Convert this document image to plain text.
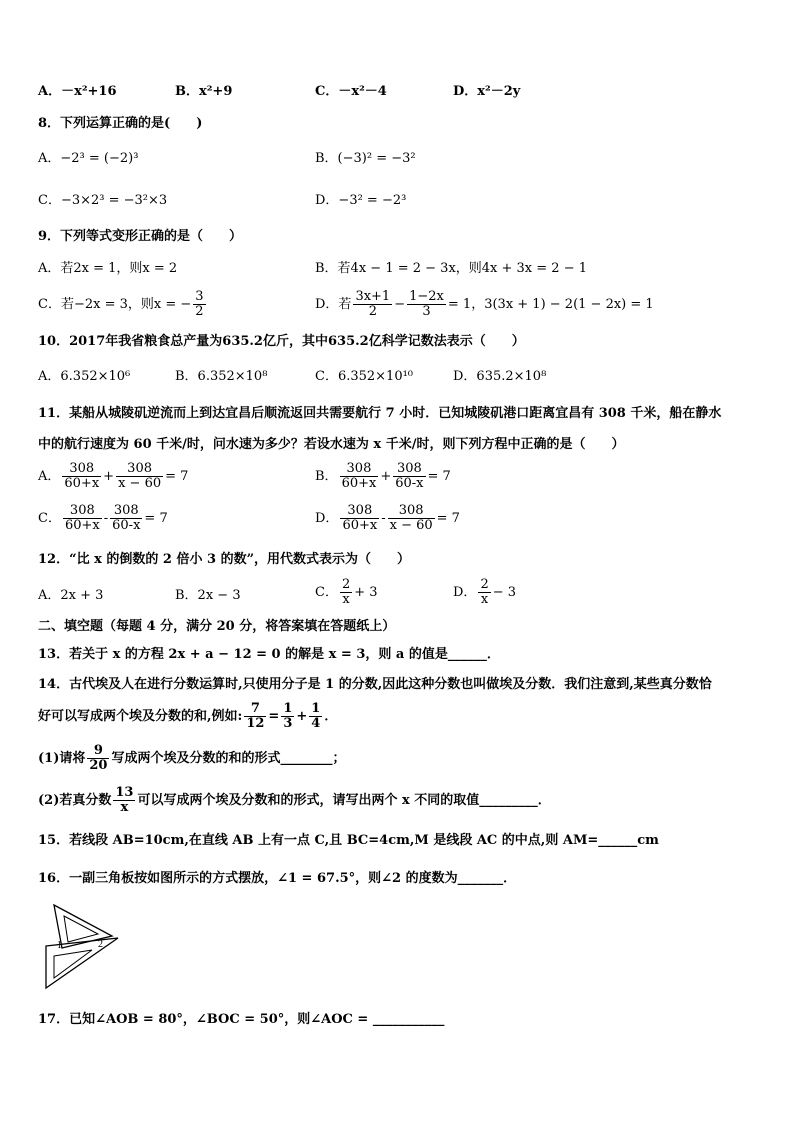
A．－x²+16	B．x²+9	C．－x²－4	D．x²－2y
8．下列运算正确的是(　　)
A．−2³ = (−2)³	B．(−3)² = −3²
C．−3×2³ = −3²×3	D．−3² = −2³
9．下列等式变形正确的是（　　）
A．若2x = 1，则x = 2	B．若4x − 1 = 2 − 3x，则4x + 3x = 2 − 1
C．若−2x = 3，则x = − $\frac{3}{2}$	D．若 $\frac{3x+1}{2} - \frac{1-2x}{3} = 1$，3(3x + 1) − 2(1 − 2x) = 1
10．2017年我省粮食总产量为635.2亿斤，其中635.2亿科学记数法表示（　　）
A．6.352×10⁶	B．6.352×10⁸	C．6.352×10¹⁰	D．635.2×10⁸
11．某船从城陵矶逆流而上到达宜昌后顺流返回共需要航行 7 小时．已知城陵矶港口距离宜昌有 308 千米，船在静水
中的航行速度为 60 千米/时，问水速为多少？若设水速为 x 千米/时，则下列方程中正确的是（　　）
A． $\frac{308}{60+x} + \frac{308}{x - 60} = 7$	B． $\frac{308}{60+x} + \frac{308}{60-x} = 7$
C． $\frac{308}{60+x} - \frac{308}{60-x} = 7$	D． $\frac{308}{60+x} - \frac{308}{x - 60} = 7$
12．“比 x 的倒数的 2 倍小 3 的数”，用代数式表示为（　　）
A．2x + 3	B．2x − 3	C． $\frac{2}{x} + 3$	D． $\frac{2}{x} - 3$
二、填空题（每题 4 分，满分 20 分，将答案填在答题纸上）
13．若关于 x 的方程 2x + a − 12 = 0 的解是 x = 3，则 a 的值是______．
14．古代埃及人在进行分数运算时,只使用分子是 1 的分数,因此这种分数也叫做埃及分数．我们注意到,某些真分数恰
好可以写成两个埃及分数的和,例如: $\frac{7}{12} = \frac{1}{3} + \frac{1}{4}$ ．
(1)请将 $\frac{9}{20}$ 写成两个埃及分数的和的形式________；
(2)若真分数 $\frac{13}{x}$ 可以写成两个埃及分数和的形式，请写出两个 x 不同的取值_________．
15．若线段 AB=10cm,在直线 AB 上有一点 C,且 BC=4cm,M 是线段 AC 的中点,则 AM=______cm
16．一副三角板按如图所示的方式摆放，∠1 = 67.5°，则∠2 的度数为_______．
1	2
17．已知∠AOB = 80°，∠BOC = 50°，则∠AOC = ___________
